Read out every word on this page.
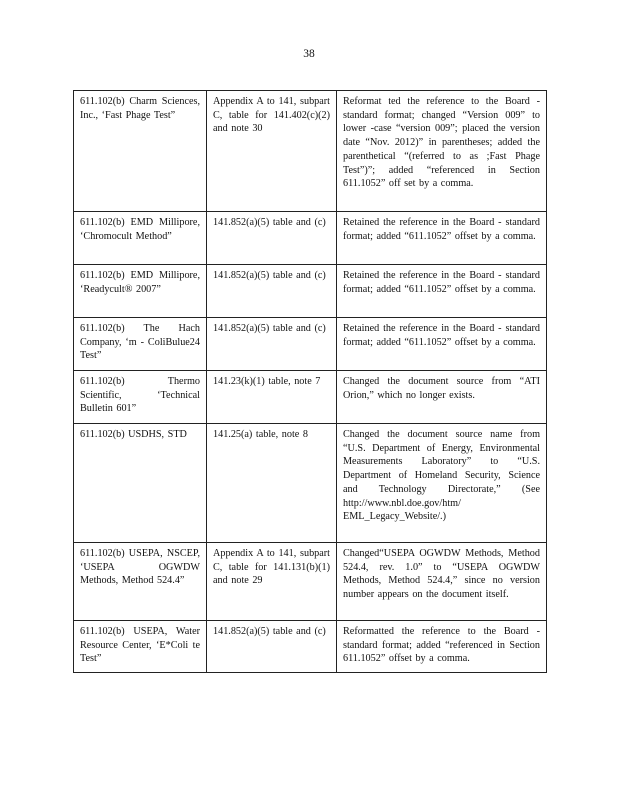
38
611.102(b) Charm Sciences, Inc., ‘Fast Phage Test”	Appendix A to 141, subpart C, table for 141.402(c)(2) and note 30	Reformat ted the reference to the Board - standard format; changed “Version 009” to lower -case “version 009”; placed the version date “Nov. 2012)” in parentheses; added the parenthetical “(referred to as ;Fast Phage Test”)”; added “referenced in Section 611.1052” off set by a comma.
611.102(b) EMD Millipore, ‘Chromocult Method”	141.852(a)(5) table and (c)	Retained the reference in the Board - standard format; added “611.1052” offset by a comma.
611.102(b) EMD Millipore, ‘Readycult® 2007”	141.852(a)(5) table and (c)	Retained the reference in the Board - standard format; added “611.1052” offset by a comma.
611.102(b) The Hach Company, ‘m - ColiBulue24 Test”	141.852(a)(5) table and (c)	Retained the reference in the Board - standard format; added “611.1052” offset by a comma.
611.102(b) Thermo Scientific, ‘Technical Bulletin 601”	141.23(k)(1) table, note 7	Changed the document source from “ATI Orion,” which no longer exists.
611.102(b) USDHS, STD	141.25(a) table, note 8	Changed the document source name from “U.S. Department of Energy, Environmental Measurements Laboratory” to “U.S. Department of Homeland Security, Science and Technology Directorate,” (See http://www.nbl.doe.gov/htm/ EML_Legacy_Website/.)
611.102(b) USEPA, NSCEP, ‘USEPA OGWDW Methods, Method 524.4”	Appendix A to 141, subpart C, table for 141.131(b)(1) and note 29	Changed“USEPA OGWDW Methods, Method 524.4, rev. 1.0” to “USEPA OGWDW Methods, Method 524.4,” since no version number appears on the document itself.
611.102(b) USEPA, Water Resource Center, ‘E*Coli te Test”	141.852(a)(5) table and (c)	Reformatted the reference to the Board - standard format; added “referenced in Section 611.1052” offset by a comma.
